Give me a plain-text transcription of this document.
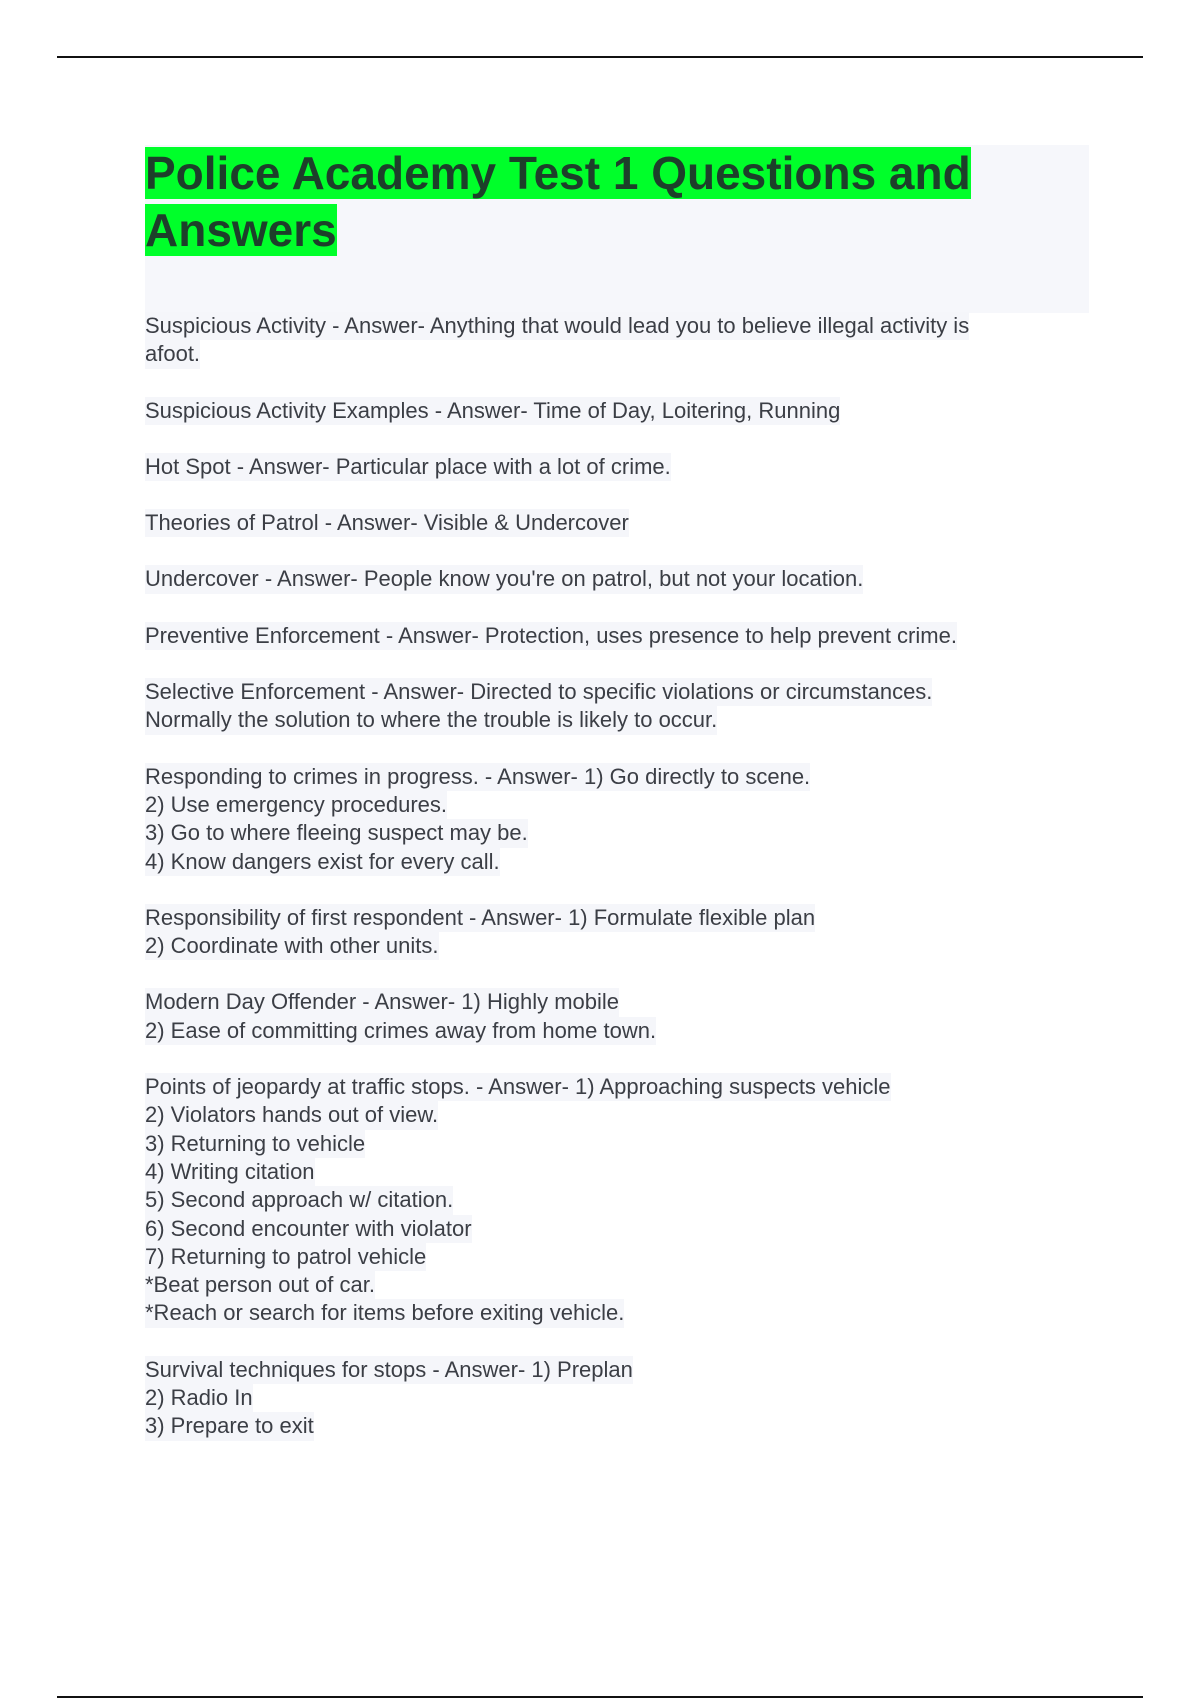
Police Academy Test 1 Questions and Answers
Suspicious Activity - Answer- Anything that would lead you to believe illegal activity is
afoot.
Suspicious Activity Examples - Answer- Time of Day, Loitering, Running
Hot Spot - Answer- Particular place with a lot of crime.
Theories of Patrol - Answer- Visible & Undercover
Undercover - Answer- People know you're on patrol, but not your location.
Preventive Enforcement - Answer- Protection, uses presence to help prevent crime.
Selective Enforcement - Answer- Directed to specific violations or circumstances.
Normally the solution to where the trouble is likely to occur.
Responding to crimes in progress. - Answer- 1) Go directly to scene.
2) Use emergency procedures.
3) Go to where fleeing suspect may be.
4) Know dangers exist for every call.
Responsibility of first respondent - Answer- 1) Formulate flexible plan
2) Coordinate with other units.
Modern Day Offender - Answer- 1) Highly mobile
2) Ease of committing crimes away from home town.
Points of jeopardy at traffic stops. - Answer- 1) Approaching suspects vehicle
2) Violators hands out of view.
3) Returning to vehicle
4) Writing citation
5) Second approach w/ citation.
6) Second encounter with violator
7) Returning to patrol vehicle
*Beat person out of car.
*Reach or search for items before exiting vehicle.
Survival techniques for stops - Answer- 1) Preplan
2) Radio In
3) Prepare to exit
